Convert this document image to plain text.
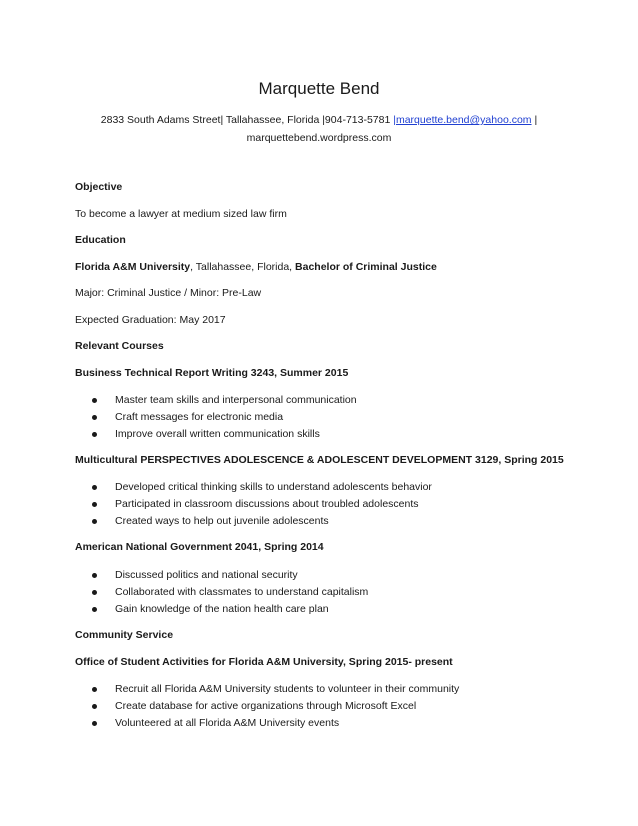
Marquette Bend
2833 South Adams Street| Tallahassee, Florida |904-713-5781 |marquette.bend@yahoo.com |
marquettebend.wordpress.com
Objective
To become a lawyer at medium sized law firm
Education
Florida A&M University, Tallahassee, Florida, Bachelor of Criminal Justice
Major: Criminal Justice / Minor: Pre-Law
Expected Graduation: May 2017
Relevant Courses
Business Technical Report Writing 3243, Summer 2015
Master team skills and interpersonal communication
Craft messages for electronic media
Improve overall written communication skills
Multicultural PERSPECTIVES ADOLESCENCE & ADOLESCENT DEVELOPMENT 3129, Spring 2015
Developed critical thinking skills to understand adolescents behavior
Participated in classroom discussions about troubled adolescents
Created ways to help out juvenile adolescents
American National Government 2041, Spring 2014
Discussed politics and national security
Collaborated with classmates to understand capitalism
Gain knowledge of the nation health care plan
Community Service
Office of Student Activities for Florida A&M University, Spring 2015- present
Recruit all Florida A&M University students to volunteer in their community
Create database for active organizations through Microsoft Excel
Volunteered at all Florida A&M University events
